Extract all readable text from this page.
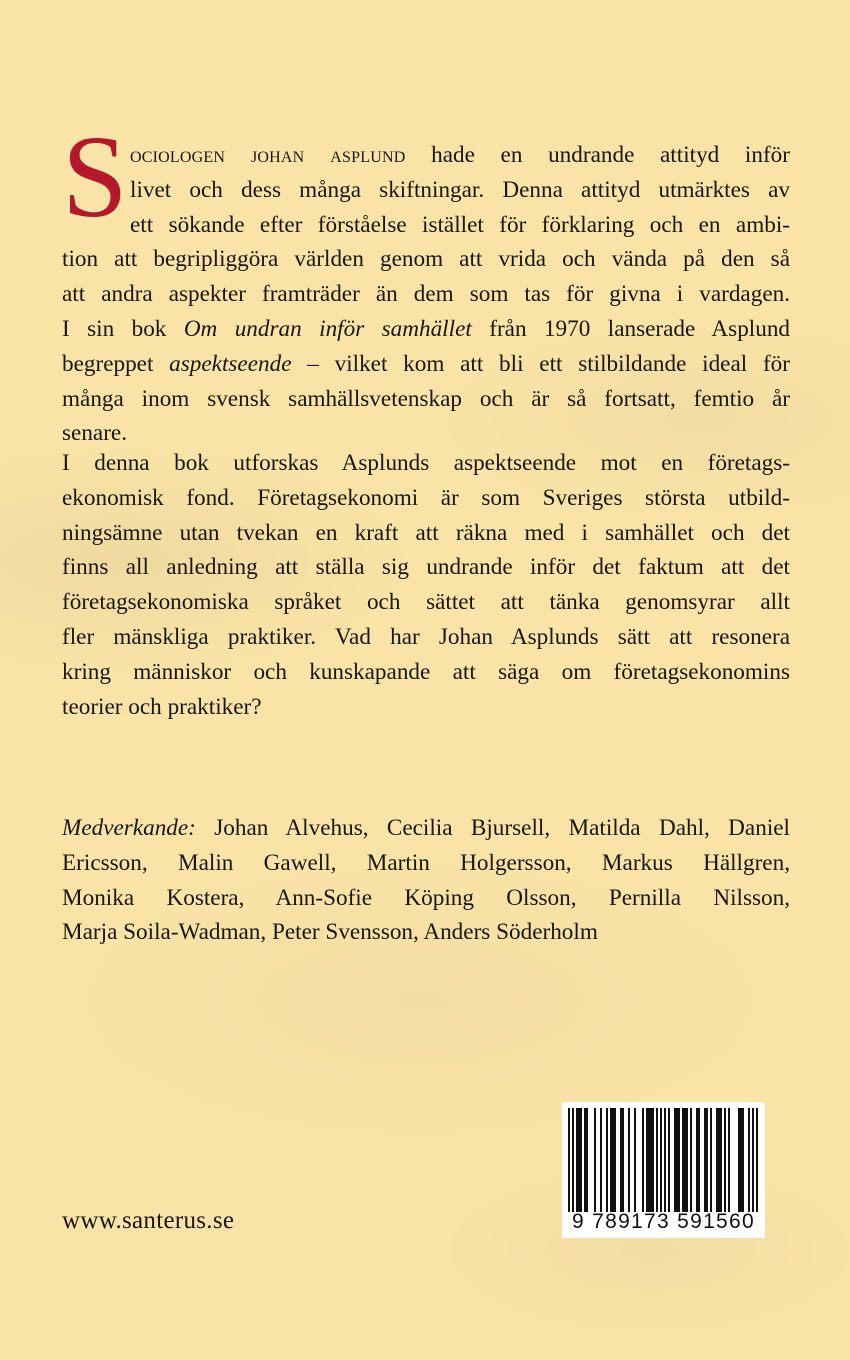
S ociologen johan asplund hade en undrande attityd inför
livet och dess många skiftningar. Denna attityd utmärktes av
ett sökande efter förståelse istället för förklaring och en ambi-
tion att begripliggöra världen genom att vrida och vända på den så
att andra aspekter framträder än dem som tas för givna i vardagen.
I sin bok Om undran inför samhället från 1970 lanserade Asplund
begreppet aspektseende – vilket kom att bli ett stilbildande ideal för
många inom svensk samhällsvetenskap och är så fortsatt, femtio år
senare.
I denna bok utforskas Asplunds aspektseende mot en företags-
ekonomisk fond. Företagsekonomi är som Sveriges största utbild-
ningsämne utan tvekan en kraft att räkna med i samhället och det
finns all anledning att ställa sig undrande inför det faktum att det
företagsekonomiska språket och sättet att tänka genomsyrar allt
fler mänskliga praktiker. Vad har Johan Asplunds sätt att resonera
kring människor och kunskapande att säga om företagsekonomins
teorier och praktiker?
Medverkande: Johan Alvehus, Cecilia Bjursell, Matilda Dahl, Daniel
Ericsson, Malin Gawell, Martin Holgersson, Markus Hällgren,
Monika Kostera, Ann-Sofie Köping Olsson, Pernilla Nilsson,
Marja Soila-Wadman, Peter Svensson, Anders Söderholm
www.santerus.se	9 789173 591560
